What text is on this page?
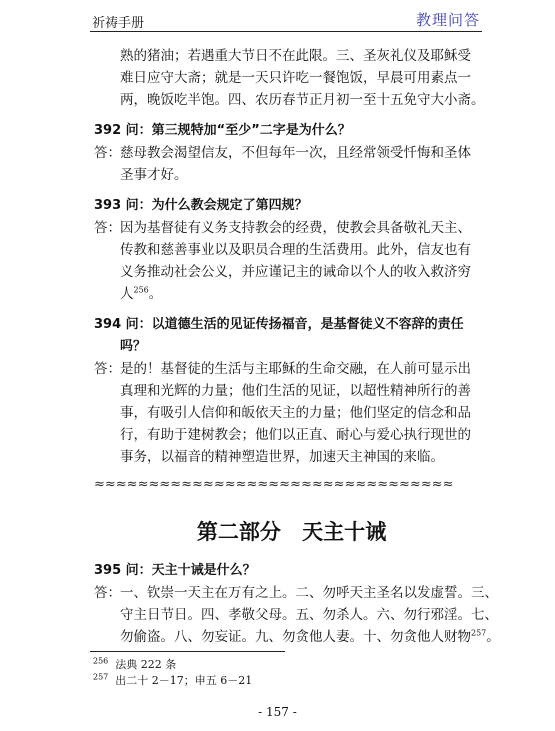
祈祷手册	教理问答
熟的猪油；若遇重大节日不在此限。三、圣灰礼仪及耶稣受
难日应守大斋；就是一天只许吃一餐饱饭，早晨可用素点一
两，晚饭吃半饱。四、农历春节正月初一至十五免守大小斋。
392 问：第三规特加“至少”二字是为什么？
答： 慈母教会渴望信友，不但每年一次，且经常领受忏悔和圣体
圣事才好。
393 问：为什么教会规定了第四规？
答： 因为基督徒有义务支持教会的经费，使教会具备敬礼天主、
传教和慈善事业以及职员合理的生活费用。此外，信友也有
义务推动社会公义，并应谨记主的诫命以个人的收入救济穷
人$^{256}$。
394 问：以道德生活的见证传扬福音，是基督徒义不容辞的责任
吗？
答： 是的！基督徒的生活与主耶稣的生命交融，在人前可显示出
真理和光辉的力量；他们生活的见证，以超性精神所行的善
事，有吸引人信仰和皈依天主的力量；他们坚定的信念和品
行，有助于建树教会；他们以正直、耐心与爱心执行现世的
事务，以福音的精神塑造世界，加速天主神国的来临。
≈≈≈≈≈≈≈≈≈≈≈≈≈≈≈≈≈≈≈≈≈≈≈≈≈≈≈≈≈≈≈≈≈
第二部分 天主十诫
395 问：天主十诫是什么？
答： 一、钦崇一天主在万有之上。二、勿呼天主圣名以发虚誓。三、
守主日节日。四、孝敬父母。五、勿杀人。六、勿行邪淫。七、
勿偷盗。八、勿妄证。九、勿贪他人妻。十、勿贪他人财物$^{257}$。
$^{256}$ 法典 222 条
$^{257}$ 出二十 2－17；申五 6－21
- 157 -
